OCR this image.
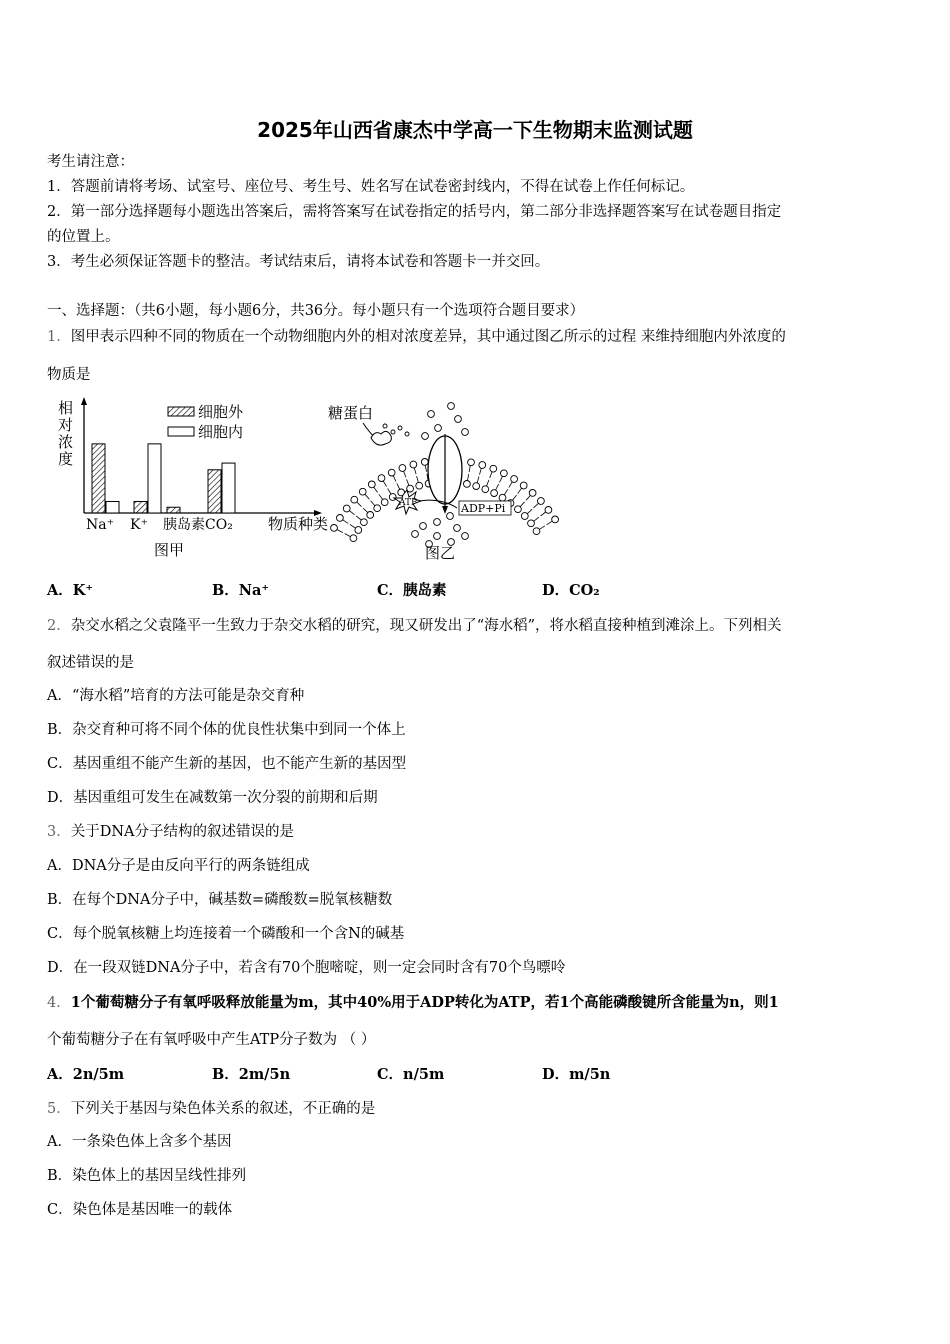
2025年山西省康杰中学高一下生物期末监测试题
考生请注意：
1．答题前请将考场、试室号、座位号、考生号、姓名写在试卷密封线内，不得在试卷上作任何标记。
2．第一部分选择题每小题选出答案后，需将答案写在试卷指定的括号内，第二部分非选择题答案写在试卷题目指定
的位置上。
3．考生必须保证答题卡的整洁。考试结束后，请将本试卷和答题卡一并交回。
一、选择题：（共6小题，每小题6分，共36分。每小题只有一个选项符合题目要求）
1．图甲表示四种不同的物质在一个动物细胞内外的相对浓度差异，其中通过图乙所示的过程 来维持细胞内外浓度的
物质是
相
对
浓
度
细胞外
细胞内
Na⁺ K⁺ 胰岛素 CO₂ 物质种类
图甲
糖蛋白
ATP	ADP+Pi
图乙
A．K⁺	B．Na⁺	C．胰岛素	D．CO₂
2．杂交水稻之父袁隆平一生致力于杂交水稻的研究，现又研发出了“海水稻”，将水稻直接种植到滩涂上。下列相关
叙述错误的是
A．“海水稻”培育的方法可能是杂交育种
B．杂交育种可将不同个体的优良性状集中到同一个体上
C．基因重组不能产生新的基因，也不能产生新的基因型
D．基因重组可发生在减数第一次分裂的前期和后期
3．关于DNA分子结构的叙述错误的是
A．DNA分子是由反向平行的两条链组成
B．在每个DNA分子中，碱基数=磷酸数=脱氧核糖数
C．每个脱氧核糖上均连接着一个磷酸和一个含N的碱基
D．在一段双链DNA分子中，若含有70个胞嘧啶，则一定会同时含有70个鸟嘌呤
4．1个葡萄糖分子有氧呼吸释放能量为m，其中40%用于ADP转化为ATP，若1个高能磷酸键所含能量为n，则1
个葡萄糖分子在有氧呼吸中产生ATP分子数为 （ ）
A．2n/5m	B．2m/5n	C．n/5m	D．m/5n
5．下列关于基因与染色体关系的叙述，不正确的是
A．一条染色体上含多个基因
B．染色体上的基因呈线性排列
C．染色体是基因唯一的载体
